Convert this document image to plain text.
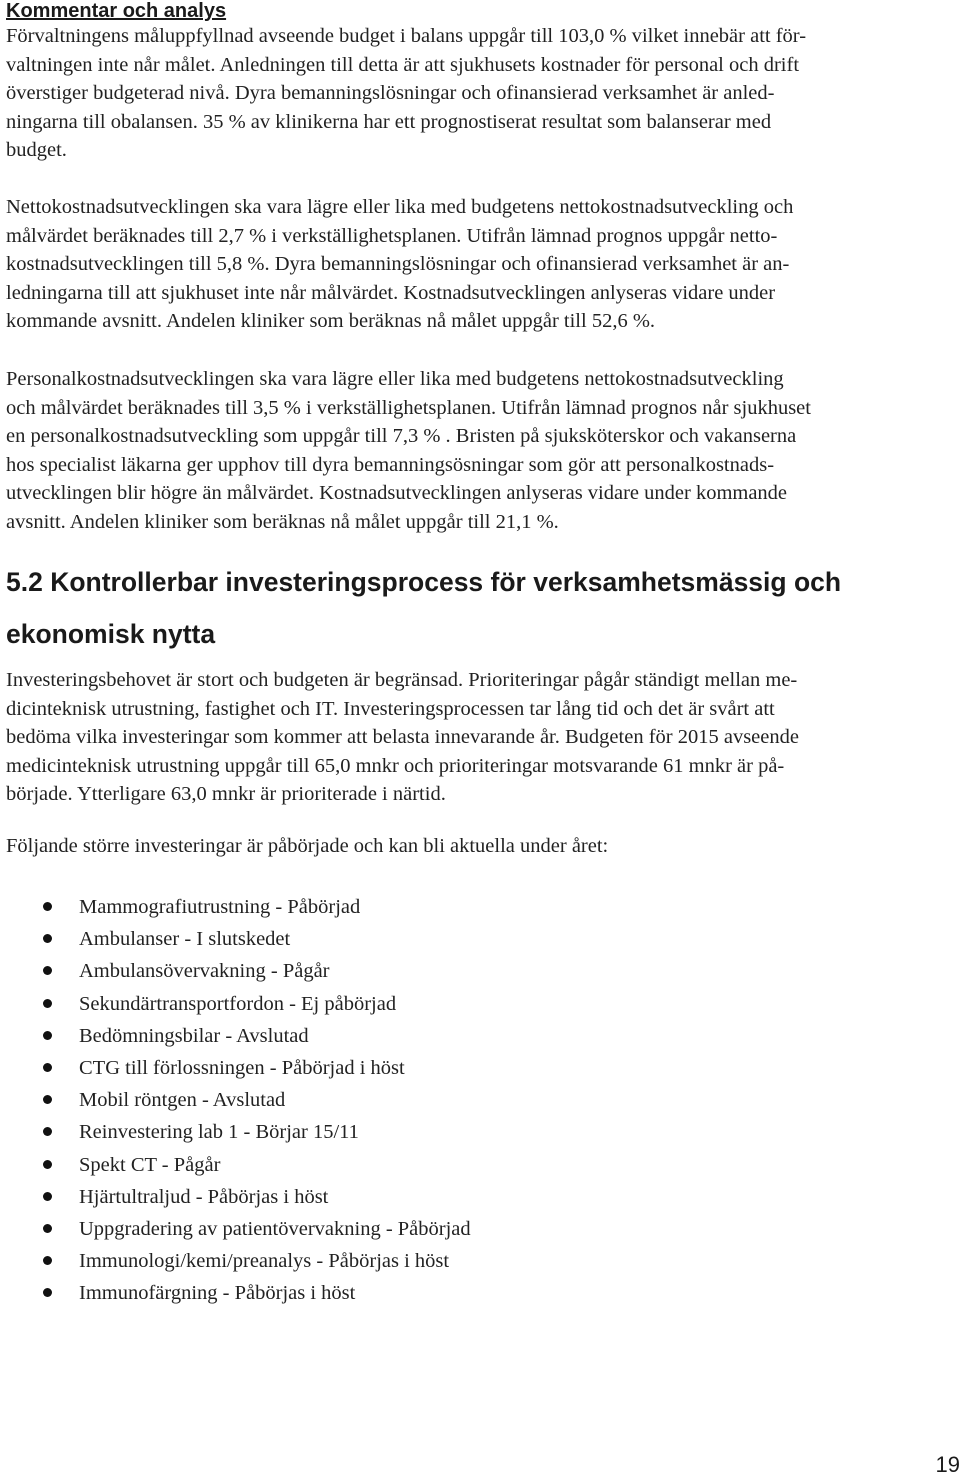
Kommentar och analys

Förvaltningens måluppfyllnad avseende budget i balans uppgår till 103,0 % vilket innebär att för-
valtningen inte når målet. Anledningen till detta är att sjukhusets kostnader för personal och drift
överstiger budgeterad nivå. Dyra bemanningslösningar och ofinansierad verksamhet är anled-
ningarna till obalansen. 35 % av klinikerna har ett prognostiserat resultat som balanserar med
budget.

Nettokostnadsutvecklingen ska vara lägre eller lika med budgetens nettokostnadsutveckling och
målvärdet beräknades till 2,7 % i verkställighetsplanen. Utifrån lämnad prognos uppgår netto-
kostnadsutvecklingen till 5,8 %. Dyra bemanningslösningar och ofinansierad verksamhet är an-
ledningarna till att sjukhuset inte når målvärdet. Kostnadsutvecklingen anlyseras vidare under
kommande avsnitt. Andelen kliniker som beräknas nå målet uppgår till 52,6 %.

Personalkostnadsutvecklingen ska vara lägre eller lika med budgetens nettokostnadsutveckling
och målvärdet beräknades till 3,5 % i verkställighetsplanen. Utifrån lämnad prognos når sjukhuset
en personalkostnadsutveckling som uppgår till 7,3 % . Bristen på sjuksköterskor och vakanserna
hos specialist läkarna ger upphov till dyra bemanningsösningar som gör att personalkostnads-
utvecklingen blir högre än målvärdet. Kostnadsutvecklingen anlyseras vidare under kommande
avsnitt. Andelen kliniker som beräknas nå målet uppgår till 21,1 %.

5.2 Kontrollerbar investeringsprocess för verksamhetsmässig och
ekonomisk nytta

Investeringsbehovet är stort och budgeten är begränsad. Prioriteringar pågår ständigt mellan me-
dicinteknisk utrustning, fastighet och IT. Investeringsprocessen tar lång tid och det är svårt att
bedöma vilka investeringar som kommer att belasta innevarande år. Budgeten för 2015 avseende
medicinteknisk utrustning uppgår till 65,0 mnkr och prioriteringar motsvarande 61 mnkr är på-
började. Ytterligare 63,0 mnkr är prioriterade i närtid.

Följande större investeringar är påbörjade och kan bli aktuella under året:

Mammografiutrustning - Påbörjad
Ambulanser - I slutskedet
Ambulansövervakning - Pågår
Sekundärtransportfordon - Ej påbörjad
Bedömningsbilar - Avslutad
CTG till förlossningen - Påbörjad i höst
Mobil röntgen - Avslutad
Reinvestering lab 1 - Börjar 15/11
Spekt CT - Pågår
Hjärtultraljud - Påbörjas i höst
Uppgradering av patientövervakning - Påbörjad
Immunologi/kemi/preanalys - Påbörjas i höst
Immunofärgning - Påbörjas i höst
19
